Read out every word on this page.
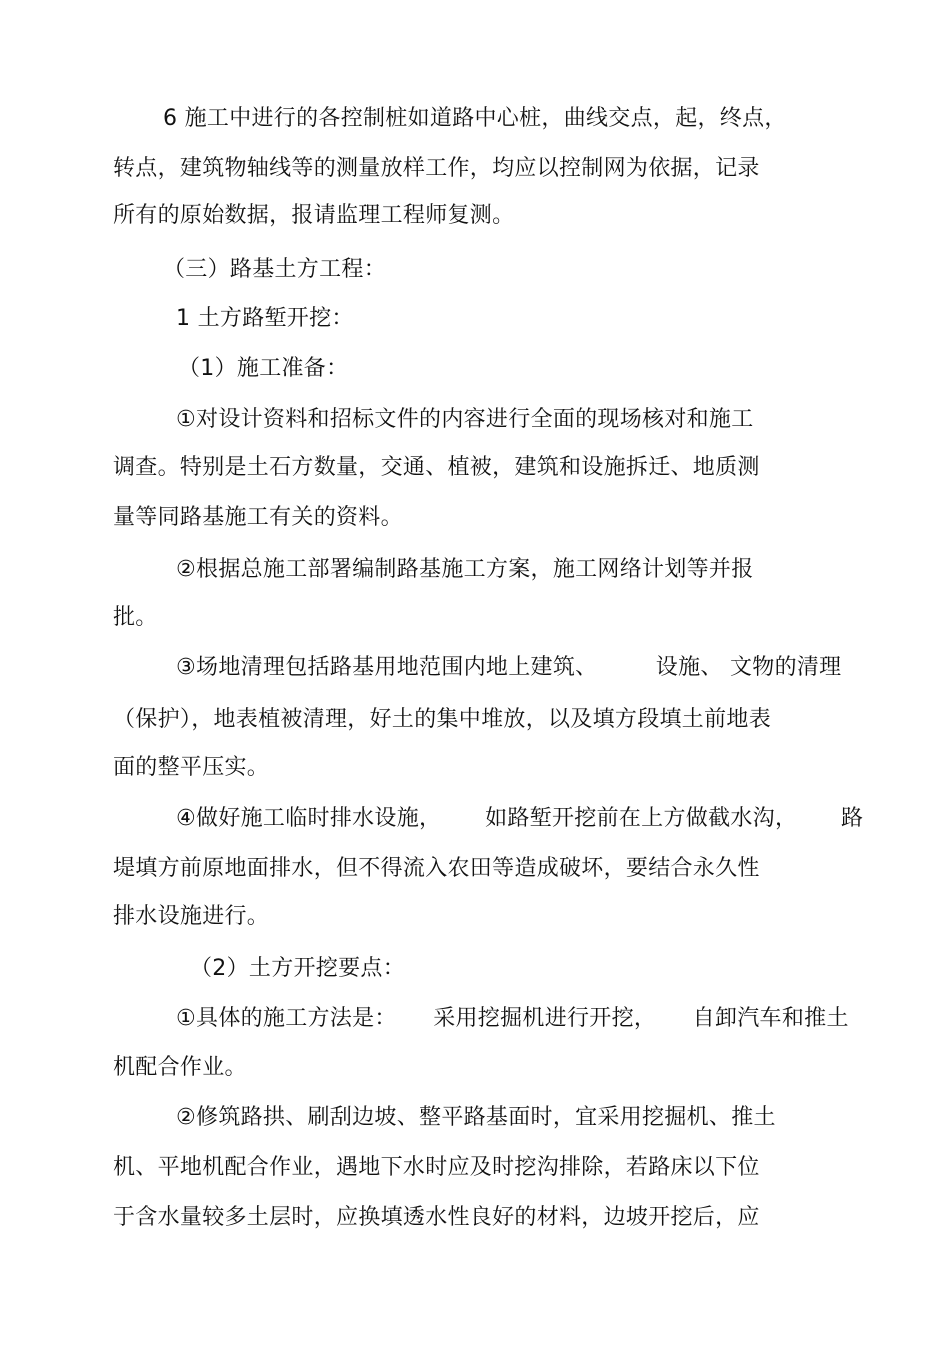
6 施工中进行的各控制桩如道路中心桩，曲线交点，起，终点，
转点，建筑物轴线等的测量放样工作，均应以控制网为依据，记录
所有的原始数据，报请监理工程师复测。
（三）路基土方工程：
1 土方路堑开挖：
（1）施工准备：
①对设计资料和招标文件的内容进行全面的现场核对和施工
调查。特别是土石方数量，交通、植被，建筑和设施拆迁、地质测
量等同路基施工有关的资料。
②根据总施工部署编制路基施工方案，施工网络计划等并报
批。
③场地清理包括路基用地范围内地上建筑、        设施、 文物的清理
（保护），地表植被清理，好土的集中堆放，以及填方段填土前地表
面的整平压实。
④做好施工临时排水设施，      如路堑开挖前在上方做截水沟，      路
堤填方前原地面排水，但不得流入农田等造成破坏，要结合永久性
排水设施进行。
（2）土方开挖要点：
①具体的施工方法是：     采用挖掘机进行开挖，     自卸汽车和推土
机配合作业。
②修筑路拱、刷刮边坡、整平路基面时，宜采用挖掘机、推土
机、平地机配合作业，遇地下水时应及时挖沟排除，若路床以下位
于含水量较多土层时，应换填透水性良好的材料，边坡开挖后，应
